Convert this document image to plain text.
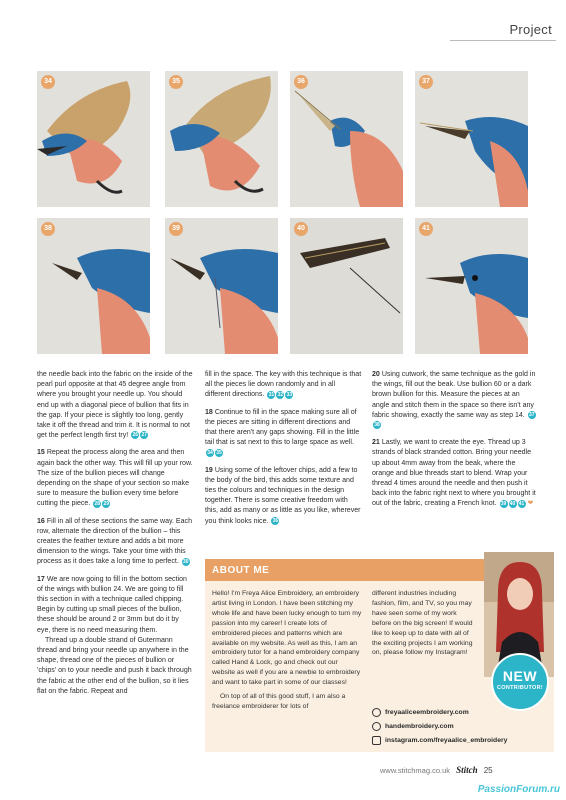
Project
34	35	36	37
38	39	40	41

the needle back into the fabric on the inside of the pearl purl opposite at that 45 degree angle from where you brought your needle up. You should end up with a diagonal piece of bullion that fits in the gap. If your piece is slightly too long, gently take it off the thread and trim it. It is normal to not get the perfect length first try! 26 27

15 Repeat the process along the area and then again back the other way. This will fill up your row. The size of the bullion pieces will change depending on the shape of your section so make sure to measure the bullion every time before cutting the piece. 28 29

16 Fill in all of these sections the same way. Each row, alternate the direction of the bullion – this creates the feather texture and adds a bit more dimension to the wings. Take your time with this process as it does take a long time to perfect. 30

17 We are now going to fill in the bottom section of the wings with bullion 24. We are going to fill this section in with a technique called chipping. Begin by cutting up small pieces of the bullion, these should be around 2 or 3mm but do it by eye, there is no need measuring them.

Thread up a double strand of Gutermann thread and bring your needle up anywhere in the shape, thread one of the pieces of bullion or 'chips' on to your needle and push it back through the fabric at the other end of the bullion, so it lies flat on the fabric. Repeat and

fill in the space. The key with this technique is that all the pieces lie down randomly and in all different directions. 31 32 33

18 Continue to fill in the space making sure all of the pieces are sitting in different directions and that there aren't any gaps showing. Fill in the little tail that is sat next to this to large space as well. 34 35

19 Using some of the leftover chips, add a few to the body of the bird, this adds some texture and ties the colours and techniques in the design together. There is some creative freedom with this, add as many or as little as you like, wherever you think looks nice. 36

20 Using cutwork, the same technique as the gold in the wings, fill out the beak. Use bullion 60 or a dark brown bullion for this. Measure the pieces at an angle and stitch them in the space so there isn't any fabric showing, exactly the same way as step 14. 3738

21 Lastly, we want to create the eye. Thread up 3 strands of black stranded cotton. Bring your needle up about 4mm away from the beak, where the orange and blue threads start to blend. Wrap your thread 4 times around the needle and then push it back into the fabric right next to where you brought it out of the fabric, creating a French knot. 39 40 41 ❤

ABOUT ME

Hello! I'm Freya Alice Embroidery, an embroidery artist living in London. I have been stitching my whole life and have been lucky enough to turn my passion into my career! I create lots of embroidered pieces and patterns which are available on my website. As well as this, I am an embroidery tutor for a hand embroidery company called Hand & Lock, go and check out our website as well if you are a newbie to embroidery and want to take part in some of our classes!

On top of all of this good stuff, I am also a freelance embroiderer for lots of

different industries including fashion, film, and TV, so you may have seen some of my work before on the big screen! If would like to keep up to date with all of the exciting projects I am working on, please follow my Instagram!

NEW
CONTRIBUTOR!
freyaaliceembroidery.com
handembroidery.com
instagram.com/freyaalice_embroidery
www.stitchmag.co.uk Stitch 25
PassionForum.ru
